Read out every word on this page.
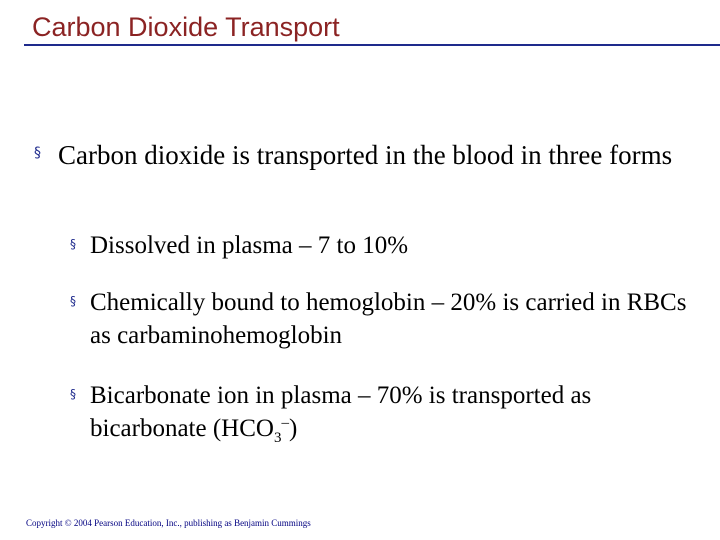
Carbon Dioxide Transport
§ Carbon dioxide is transported in the blood in three forms
§ Dissolved in plasma – 7 to 10%
§ Chemically bound to hemoglobin – 20% is carried in RBCs as carbaminohemoglobin
§ Bicarbonate ion in plasma – 70% is transported as bicarbonate $(HCO_3^-)$
Copyright © 2004 Pearson Education, Inc., publishing as Benjamin Cummings
